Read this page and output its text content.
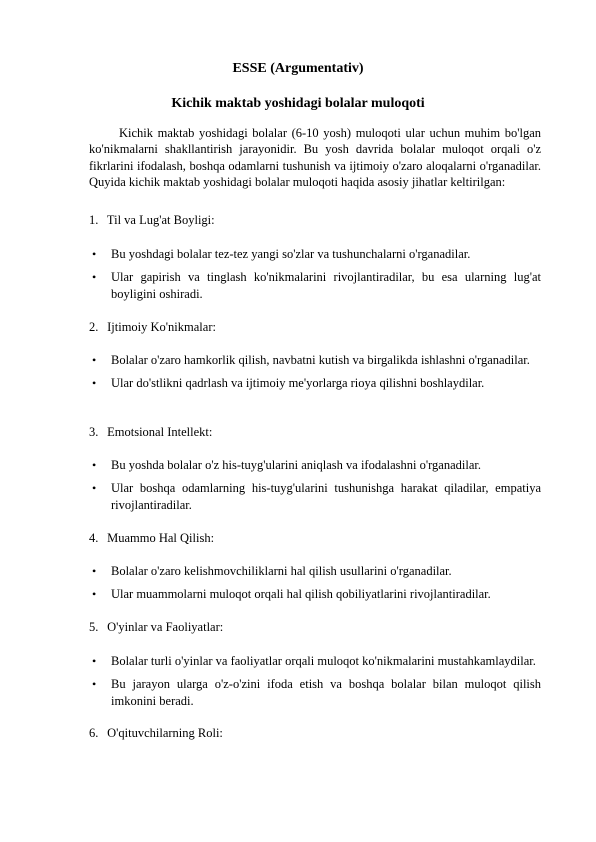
ESSE (Argumentativ)
Kichik maktab yoshidagi bolalar muloqoti

Kichik maktab yoshidagi bolalar (6-10 yosh) muloqoti ular uchun muhim bo'lgan ko'nikmalarni shakllantirish jarayonidir. Bu yosh davrida bolalar muloqot orqali o'z fikrlarini ifodalash, boshqa odamlarni tushunish va ijtimoiy o'zaro aloqalarni o'rganadilar. Quyida kichik maktab yoshidagi bolalar muloqoti haqida asosiy jihatlar keltirilgan:

1. Til va Lug'at Boyligi:
• Bu yoshdagi bolalar tez-tez yangi so'zlar va tushunchalarni o'rganadilar.
• Ular gapirish va tinglash ko'nikmalarini rivojlantiradilar, bu esa ularning lug'at boyligini oshiradi.
2. Ijtimoiy Ko'nikmalar:
• Bolalar o'zaro hamkorlik qilish, navbatni kutish va birgalikda ishlashni o'rganadilar.
• Ular do'stlikni qadrlash va ijtimoiy me'yorlarga rioya qilishni boshlaydilar.
3. Emotsional Intellekt:
• Bu yoshda bolalar o'z his-tuyg'ularini aniqlash va ifodalashni o'rganadilar.
• Ular boshqa odamlarning his-tuyg'ularini tushunishga harakat qiladilar, empatiya rivojlantiradilar.
4. Muammo Hal Qilish:
• Bolalar o'zaro kelishmovchiliklarni hal qilish usullarini o'rganadilar.
• Ular muammolarni muloqot orqali hal qilish qobiliyatlarini rivojlantiradilar.
5. O'yinlar va Faoliyatlar:
• Bolalar turli o'yinlar va faoliyatlar orqali muloqot ko'nikmalarini mustahkamlaydilar.
• Bu jarayon ularga o'z-o'zini ifoda etish va boshqa bolalar bilan muloqot qilish imkonini beradi.
6. O'qituvchilarning Roli:
